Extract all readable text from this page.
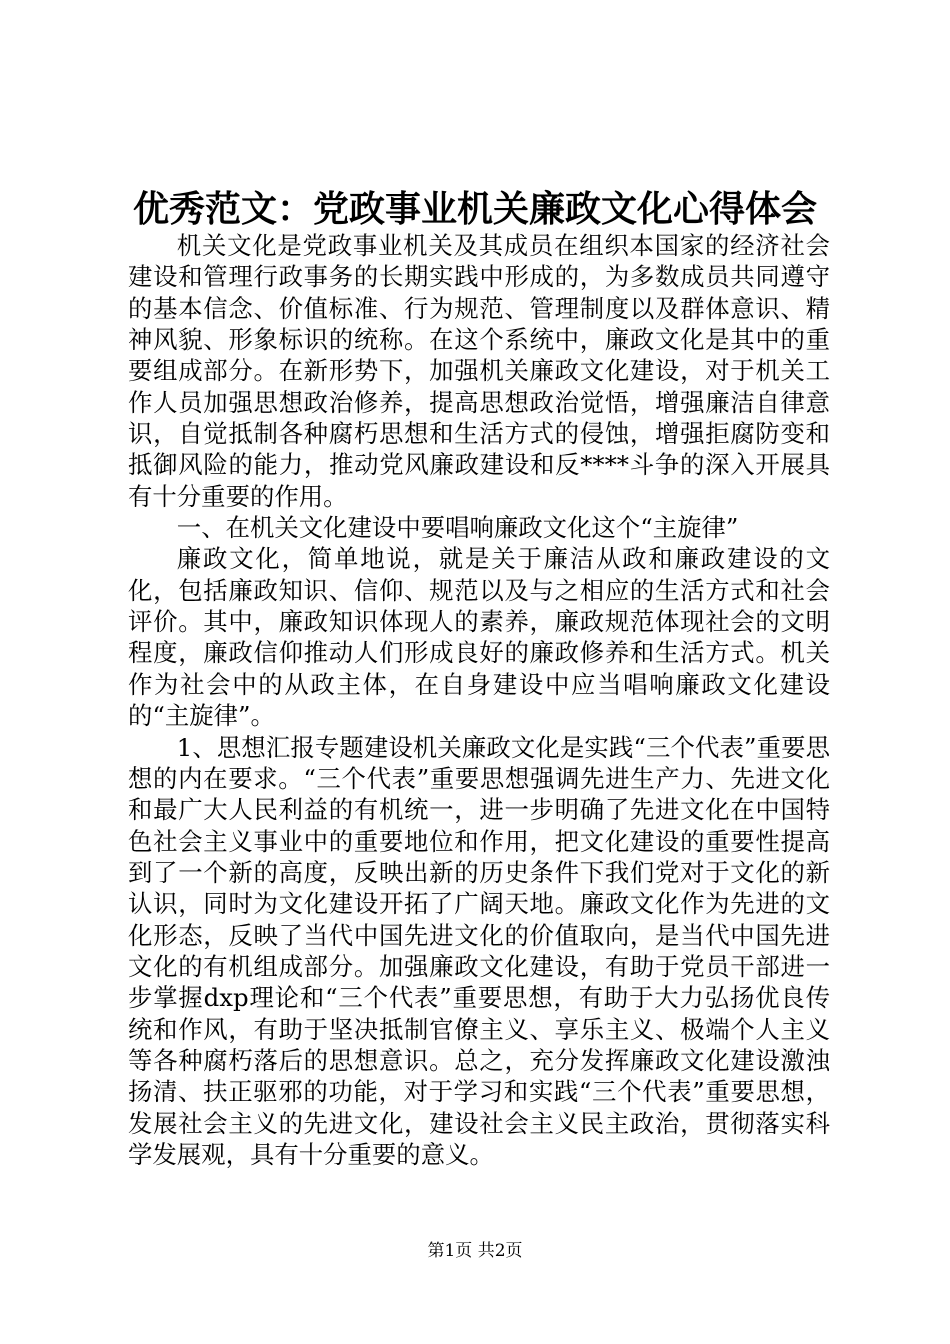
优秀范文：党政事业机关廉政文化心得体会

机关文化是党政事业机关及其成员在组织本国家的经济社会建设和管理行政事务的长期实践中形成的，为多数成员共同遵守的基本信念、价值标准、行为规范、管理制度以及群体意识、精神风貌、形象标识的统称。在这个系统中，廉政文化是其中的重要组成部分。在新形势下，加强机关廉政文化建设，对于机关工作人员加强思想政治修养，提高思想政治觉悟，增强廉洁自律意识，自觉抵制各种腐朽思想和生活方式的侵蚀，增强拒腐防变和抵御风险的能力，推动党风廉政建设和反****斗争的深入开展具有十分重要的作用。

一、在机关文化建设中要唱响廉政文化这个“主旋律”

廉政文化，简单地说，就是关于廉洁从政和廉政建设的文化，包括廉政知识、信仰、规范以及与之相应的生活方式和社会评价。其中，廉政知识体现人的素养，廉政规范体现社会的文明程度，廉政信仰推动人们形成良好的廉政修养和生活方式。机关作为社会中的从政主体，在自身建设中应当唱响廉政文化建设的“主旋律”。

1、思想汇报专题建设机关廉政文化是实践“三个代表”重要思想的内在要求。“三个代表”重要思想强调先进生产力、先进文化和最广大人民利益的有机统一，进一步明确了先进文化在中国特色社会主义事业中的重要地位和作用，把文化建设的重要性提高到了一个新的高度，反映出新的历史条件下我们党对于文化的新认识，同时为文化建设开拓了广阔天地。廉政文化作为先进的文化形态，反映了当代中国先进文化的价值取向，是当代中国先进文化的有机组成部分。加强廉政文化建设，有助于党员干部进一步掌握dxp理论和“三个代表”重要思想，有助于大力弘扬优良传统和作风，有助于坚决抵制官僚主义、享乐主义、极端个人主义等各种腐朽落后的思想意识。总之，充分发挥廉政文化建设激浊扬清、扶正驱邪的功能，对于学习和实践“三个代表”重要思想，发展社会主义的先进文化，建设社会主义民主政治，贯彻落实科学发展观，具有十分重要的意义。

第1页 共2页
